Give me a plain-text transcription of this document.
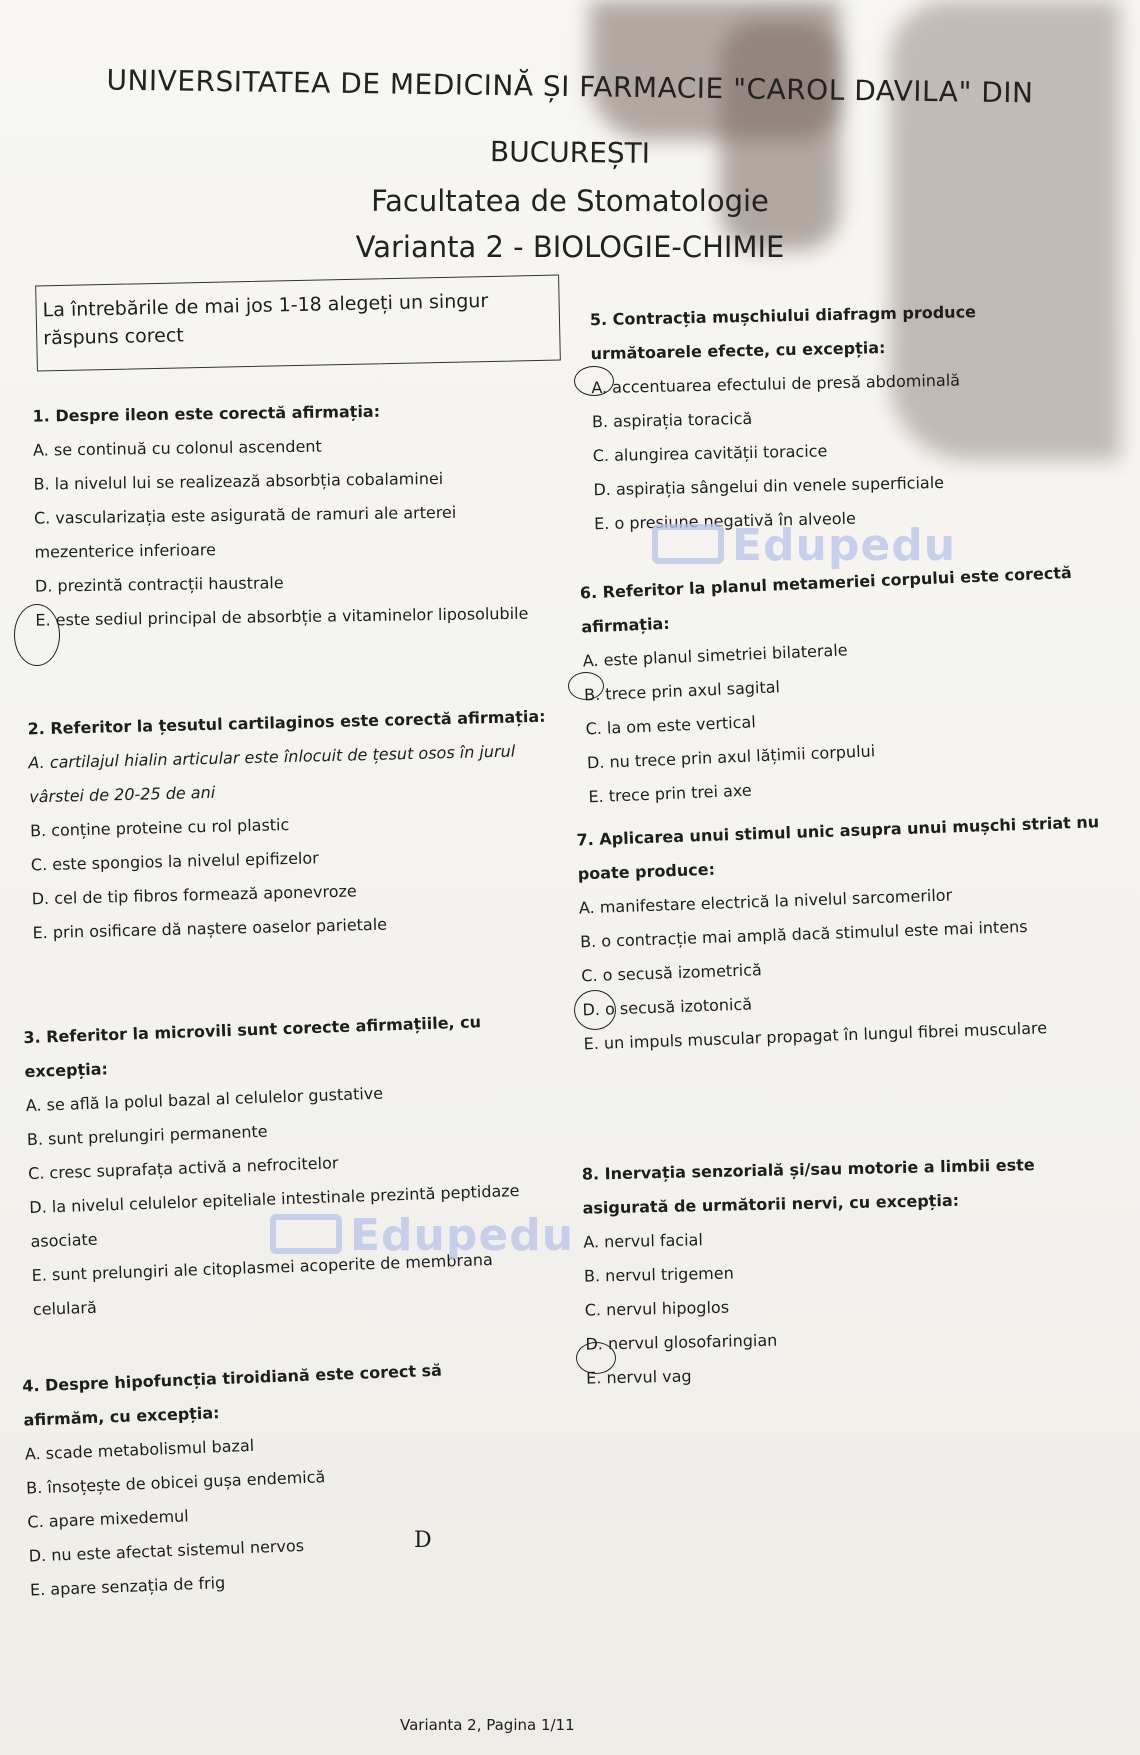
UNIVERSITATEA DE MEDICINĂ ȘI FARMACIE "CAROL DAVILA" DIN
BUCUREȘTI
Facultatea de Stomatologie
Varianta 2 - BIOLOGIE-CHIMIE
La întrebările de mai jos 1-18 alegeți un singur răspuns corect
1. Despre ileon este corectă afirmația:
A. se continuă cu colonul ascendent
B. la nivelul lui se realizează absorbția cobalaminei
C. vascularizația este asigurată de ramuri ale arterei mezenterice inferioare
D. prezintă contracții haustrale
E. este sediul principal de absorbție a vitaminelor liposolubile
2. Referitor la țesutul cartilaginos este corectă afirmația:
A. cartilajul hialin articular este înlocuit de țesut osos în jurul vârstei de 20-25 de ani
B. conține proteine cu rol plastic
C. este spongios la nivelul epifizelor
D. cel de tip fibros formează aponevroze
E. prin osificare dă naștere oaselor parietale
3. Referitor la microvili sunt corecte afirmațiile, cu excepția:
A. se află la polul bazal al celulelor gustative
B. sunt prelungiri permanente
C. cresc suprafața activă a nefrocitelor
D. la nivelul celulelor epiteliale intestinale prezintă peptidaze asociate
E. sunt prelungiri ale citoplasmei acoperite de membrana celulară
4. Despre hipofuncția tiroidiană este corect să afirmăm, cu excepția:
A. scade metabolismul bazal
B. însoțește de obicei gușa endemică
C. apare mixedemul
D. nu este afectat sistemul nervos
E. apare senzația de frig
D
5. Contracția mușchiului diafragm produce următoarele efecte, cu excepția:
A. accentuarea efectului de presă abdominală
B. aspirația toracică
C. alungirea cavității toracice
D. aspirația sângelui din venele superficiale
E. o presiune negativă în alveole
6. Referitor la planul metameriei corpului este corectă afirmația:
A. este planul simetriei bilaterale
B. trece prin axul sagital
C. la om este vertical
D. nu trece prin axul lățimii corpului
E. trece prin trei axe
7. Aplicarea unui stimul unic asupra unui mușchi striat nu poate produce:
A. manifestare electrică la nivelul sarcomerilor
B. o contracție mai amplă dacă stimulul este mai intens
C. o secusă izometrică
D. o secusă izotonică
E. un impuls muscular propagat în lungul fibrei musculare
8. Inervația senzorială și/sau motorie a limbii este asigurată de următorii nervi, cu excepția:
A. nervul facial
B. nervul trigemen
C. nervul hipoglos
D. nervul glosofaringian
E. nervul vag
Edupedu
Edupedu
Varianta 2, Pagina 1/11
